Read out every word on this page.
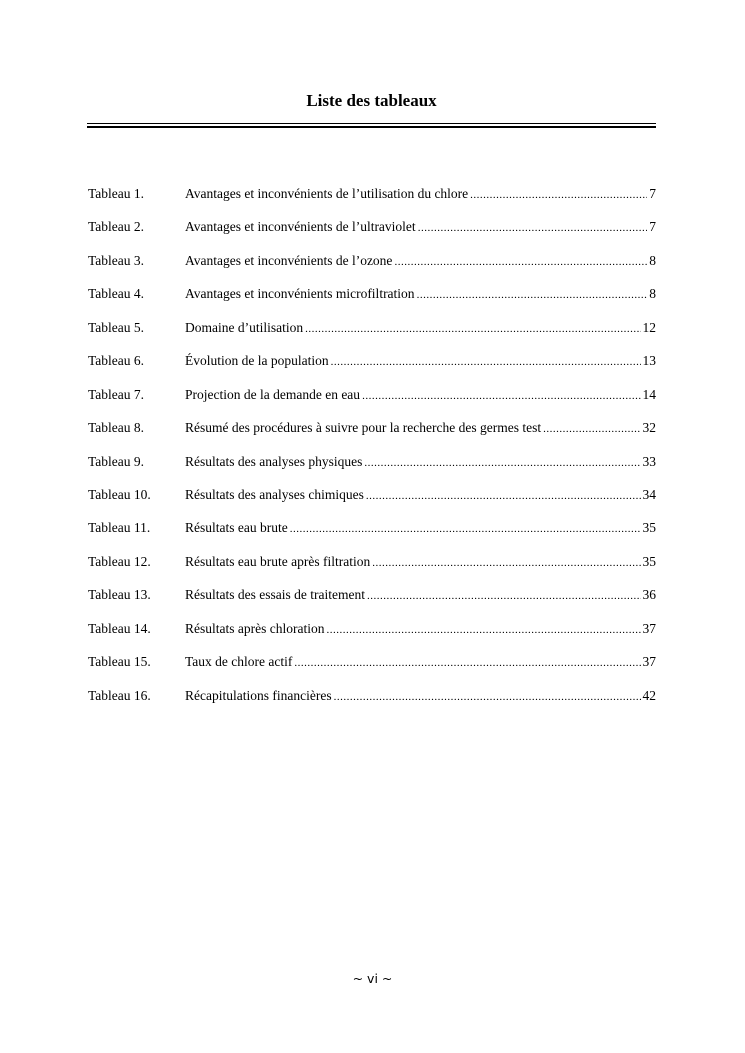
Liste des tableaux
Tableau 1.	Avantages et inconvénients de l’utilisation du chlore .....	7
Tableau 2.	Avantages et inconvénients de l’ultraviolet .....	7
Tableau 3.	Avantages et inconvénients de l’ozone .....	8
Tableau 4.	Avantages et inconvénients microfiltration .....	8
Tableau 5.	Domaine d’utilisation .....	12
Tableau 6.	Évolution de la population .....	13
Tableau 7.	Projection de la demande en eau .....	14
Tableau 8.	Résumé des procédures à suivre pour la recherche des germes test .....	32
Tableau 9.	Résultats des analyses physiques .....	33
Tableau 10.	Résultats des analyses chimiques .....	34
Tableau 11.	Résultats eau brute .....	35
Tableau 12.	Résultats eau brute après filtration .....	35
Tableau 13.	Résultats des essais de traitement .....	36
Tableau 14.	Résultats après chloration .....	37
Tableau 15.	Taux de chlore actif .....	37
Tableau 16.	Récapitulations financières .....	42
~ vi ~
